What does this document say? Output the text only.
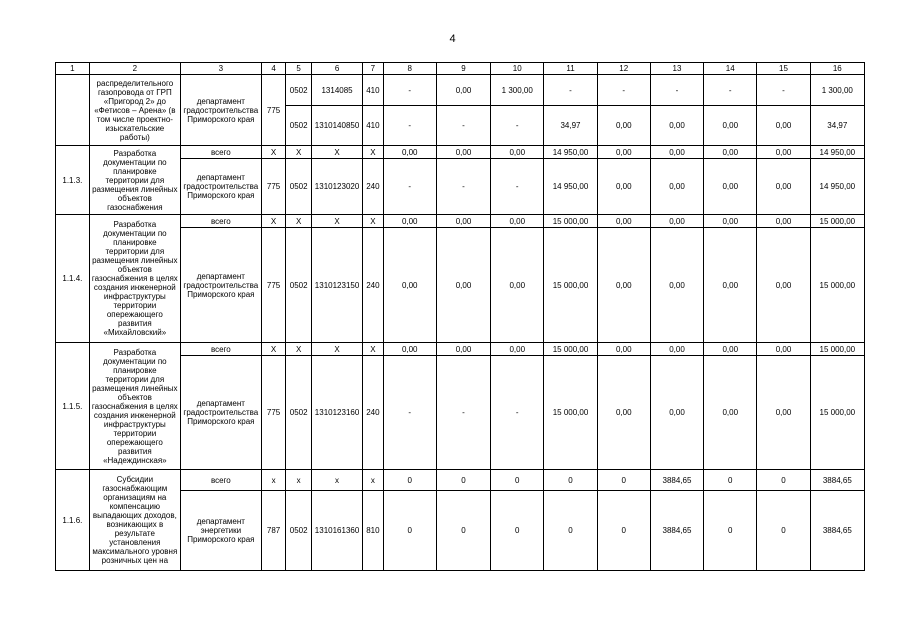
4
1	2	3	4	5	6	7	8	9	10	11	12	13	14	15	16
	распределительного газопровода от ГРП «Пригород 2» до «Фетисов – Арена» (в том числе проектно-изыскательские работы)	департамент градостроительства Приморского края	775	0502	1314085	410	-	0,00	1 300,00	-	-	-	-	-	1 300,00
				0502	1310140850	410	-	-	-	34,97	0,00	0,00	0,00	0,00	34,97
1.1.3.	Разработка документации по планировке территории для размещения линейных объектов газоснабжения	всего	X	X	X	X	0,00	0,00	0,00	14 950,00	0,00	0,00	0,00	0,00	14 950,00
		департамент градостроительства Приморского края	775	0502	1310123020	240	-	-	-	14 950,00	0,00	0,00	0,00	0,00	14 950,00
1.1.4.	Разработка документации по планировке территории для размещения линейных объектов газоснабжения в целях создания инженерной инфраструктуры территории опережающего развития «Михайловский»	всего	X	X	X	X	0,00	0,00	0,00	15 000,00	0,00	0,00	0,00	0,00	15 000,00
		департамент градостроительства Приморского края	775	0502	1310123150	240	0,00	0,00	0,00	15 000,00	0,00	0,00	0,00	0,00	15 000,00
1.1.5.	Разработка документации по планировке территории для размещения линейных объектов газоснабжения в целях создания инженерной инфраструктуры территории опережающего развития «Надеждинская»	всего	X	X	X	X	0,00	0,00	0,00	15 000,00	0,00	0,00	0,00	0,00	15 000,00
		департамент градостроительства Приморского края	775	0502	1310123160	240	-	-	-	15 000,00	0,00	0,00	0,00	0,00	15 000,00
1.1.6.	Субсидии газоснабжающим организациям на компенсацию выпадающих доходов, возникающих в результате установления максимального уровня розничных цен на	всего	x	x	x	x	0	0	0	0	0	3884,65	0	0	3884,65
		департамент энергетики Приморского края	787	0502	1310161360	810	0	0	0	0	0	3884,65	0	0	3884,65
